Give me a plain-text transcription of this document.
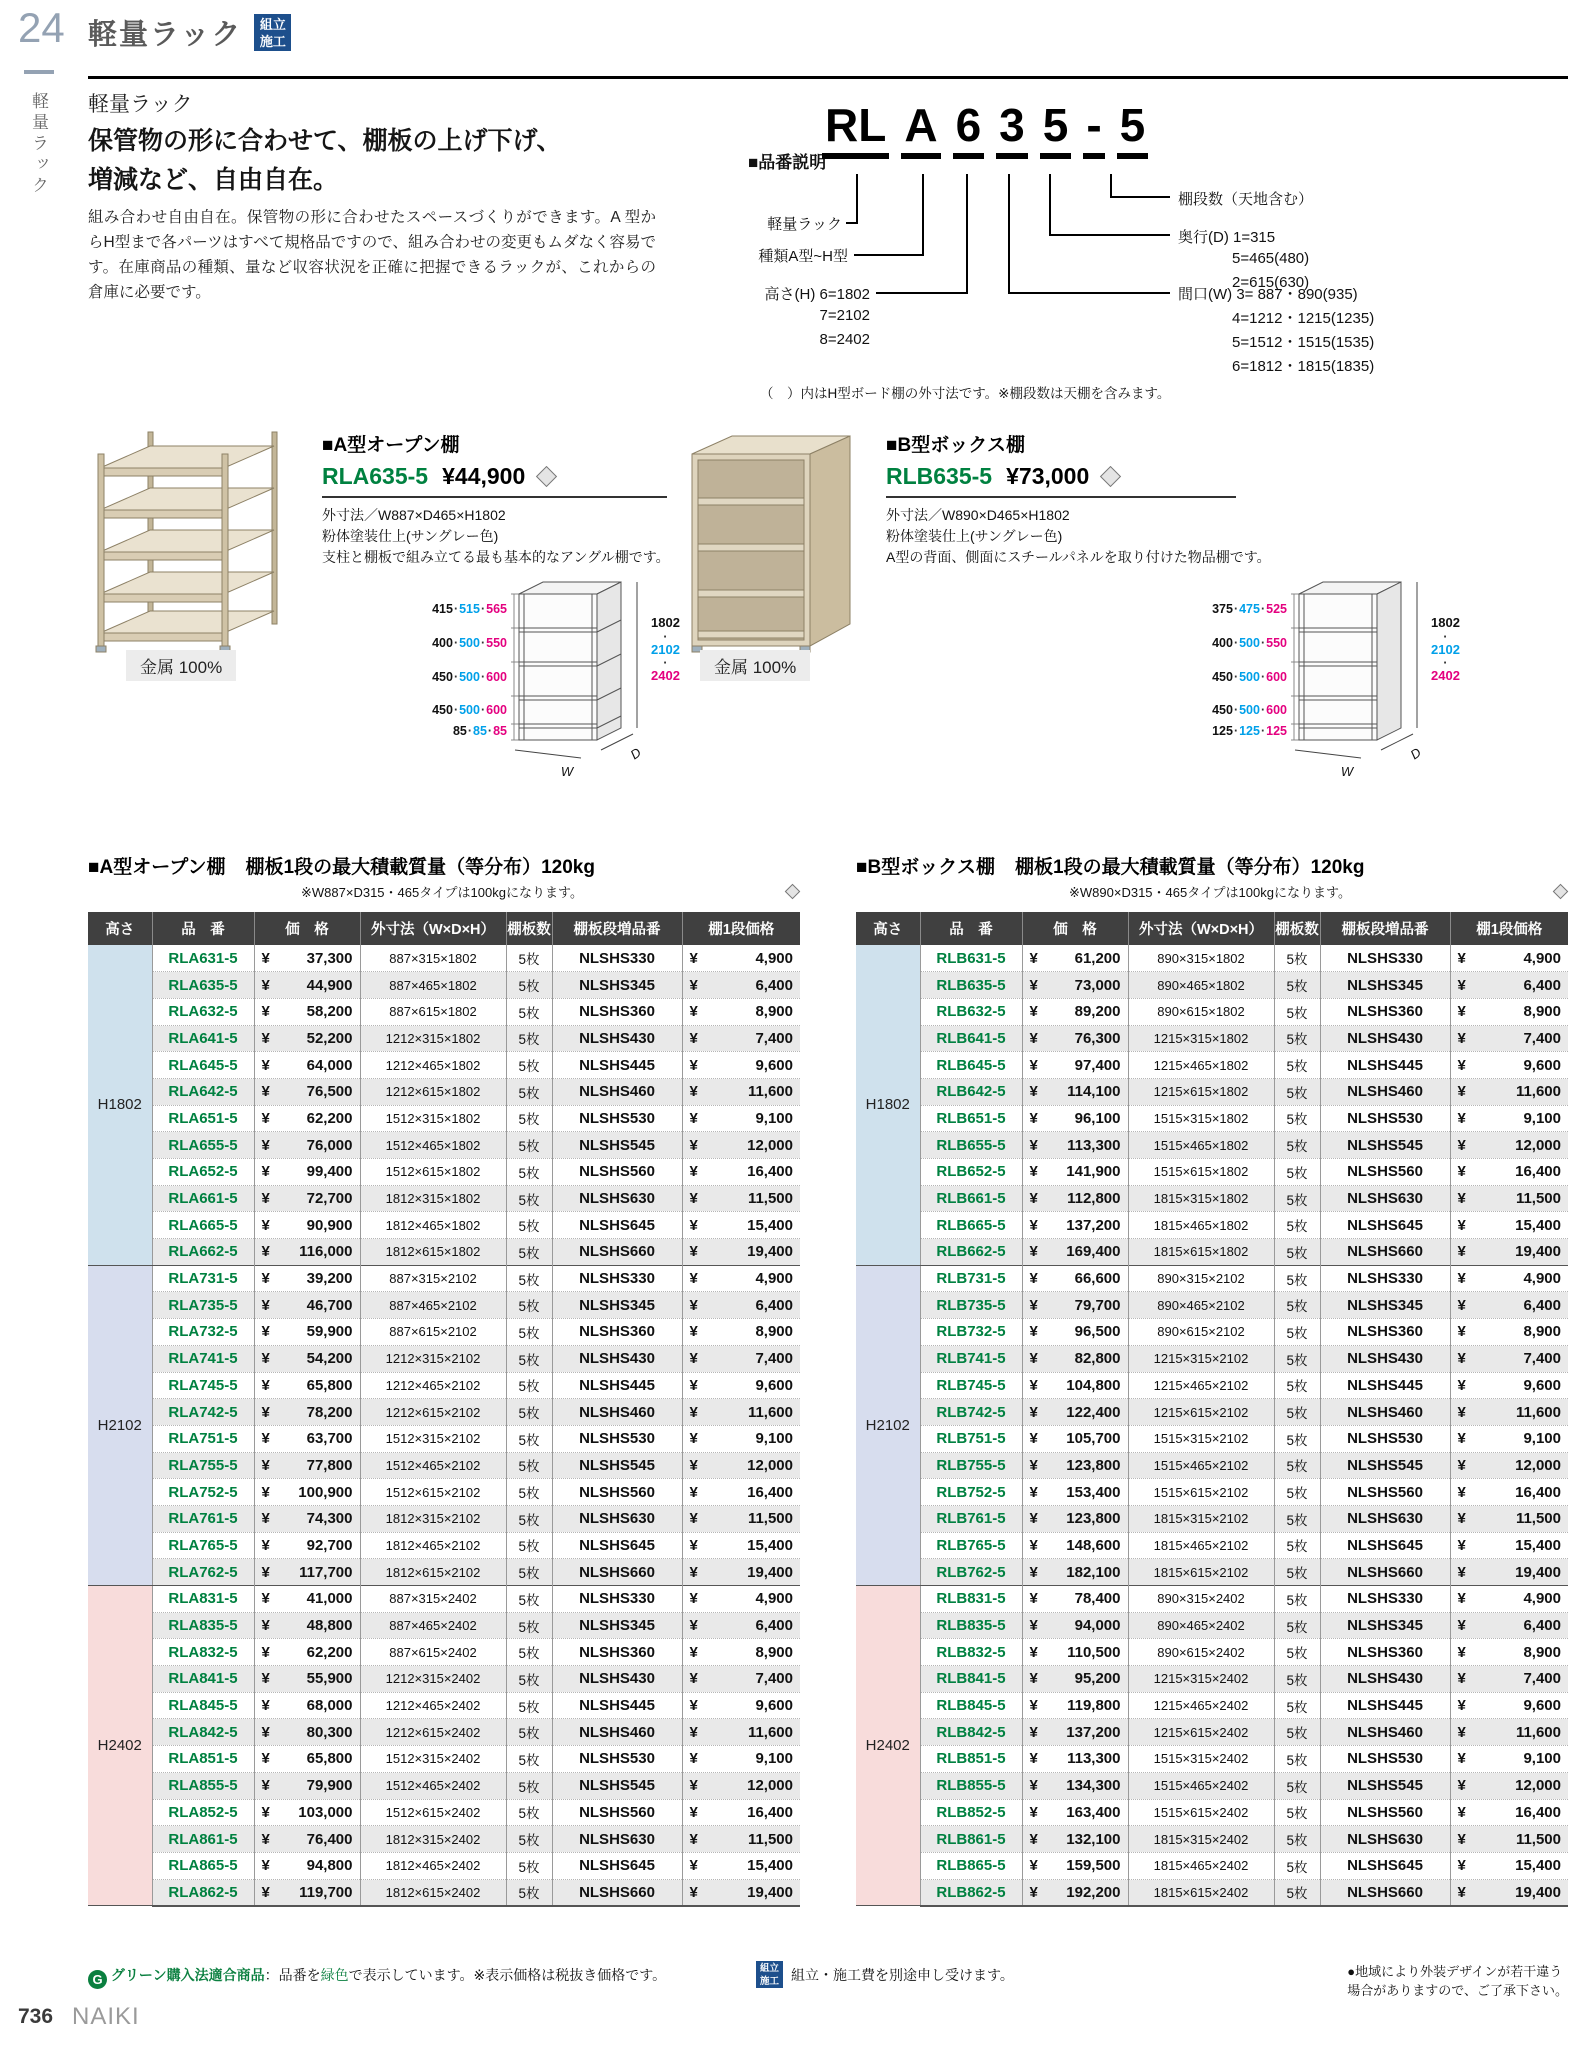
24
軽量ラック
軽量ラック	組立
施工
軽量ラック
保管物の形に合わせて、棚板の上げ下げ、
増減など、自由自在。
組み合わせ自由自在。保管物の形に合わせたスペースづくりができます。A 型からH型まで各パーツはすべて規格品ですので、組み合わせの変更もムダなく容易です。在庫商品の種類、量など収容状況を正確に把握できるラックが、これからの倉庫に必要です。
■品番説明
RL A 6 3 5 - 5
軽量ラック
種類A型~H型
高さ(H) 6=1802
7=2102
8=2402
棚段数（天地含む）
奥行(D) 1=315
5=465(480)
2=615(630)
間口(W) 3= 887・890(935)
4=1212・1215(1235)
5=1512・1515(1535)
6=1812・1815(1835)
（　）内はH型ボード棚の外寸法です。※棚段数は天棚を含みます。
金属 100%
■A型オープン棚
RLA635-5 ¥44,900
外寸法／W887×D465×H1802
粉体塗装仕上(サングレー色)
支柱と棚板で組み立てる最も基本的なアングル棚です。
1802
·
2102
·
2402
W
D
415·515·565
400·500·550
450·500·600
450·500·600
85·85·85
金属 100%
■B型ボックス棚
RLB635-5 ¥73,000
外寸法／W890×D465×H1802
粉体塗装仕上(サングレー色)
A型の背面、側面にスチールパネルを取り付けた物品棚です。
1802
·
2102
·
2402
W
D
375·475·525
400·500·550
450·500·600
450·500·600
125·125·125
■A型オープン棚 棚板1段の最大積載質量（等分布）120kg
※W887×D315・465タイプは100kgになります。
高さ	品　番	価　格	外寸法（W×D×H）	棚板数	棚板段増品番	棚1段価格
H1802	RLA631-5	¥ 37,300	887×315×1802	5枚	NLSHS330	¥ 4,900

	RLA635-5	¥ 44,900	887×465×1802	5枚	NLSHS345	¥ 6,400

	RLA632-5	¥ 58,200	887×615×1802	5枚	NLSHS360	¥ 8,900

	RLA641-5	¥ 52,200	1212×315×1802	5枚	NLSHS430	¥ 7,400

	RLA645-5	¥ 64,000	1212×465×1802	5枚	NLSHS445	¥ 9,600

	RLA642-5	¥ 76,500	1212×615×1802	5枚	NLSHS460	¥ 11,600

	RLA651-5	¥ 62,200	1512×315×1802	5枚	NLSHS530	¥ 9,100

	RLA655-5	¥ 76,000	1512×465×1802	5枚	NLSHS545	¥ 12,000

	RLA652-5	¥ 99,400	1512×615×1802	5枚	NLSHS560	¥ 16,400

	RLA661-5	¥ 72,700	1812×315×1802	5枚	NLSHS630	¥ 11,500

	RLA665-5	¥ 90,900	1812×465×1802	5枚	NLSHS645	¥ 15,400

	RLA662-5	¥ 116,000	1812×615×1802	5枚	NLSHS660	¥ 19,400

H2102	RLA731-5	¥ 39,200	887×315×2102	5枚	NLSHS330	¥ 4,900

	RLA735-5	¥ 46,700	887×465×2102	5枚	NLSHS345	¥ 6,400

	RLA732-5	¥ 59,900	887×615×2102	5枚	NLSHS360	¥ 8,900

	RLA741-5	¥ 54,200	1212×315×2102	5枚	NLSHS430	¥ 7,400

	RLA745-5	¥ 65,800	1212×465×2102	5枚	NLSHS445	¥ 9,600

	RLA742-5	¥ 78,200	1212×615×2102	5枚	NLSHS460	¥ 11,600

	RLA751-5	¥ 63,700	1512×315×2102	5枚	NLSHS530	¥ 9,100

	RLA755-5	¥ 77,800	1512×465×2102	5枚	NLSHS545	¥ 12,000

	RLA752-5	¥ 100,900	1512×615×2102	5枚	NLSHS560	¥ 16,400

	RLA761-5	¥ 74,300	1812×315×2102	5枚	NLSHS630	¥ 11,500

	RLA765-5	¥ 92,700	1812×465×2102	5枚	NLSHS645	¥ 15,400

	RLA762-5	¥ 117,700	1812×615×2102	5枚	NLSHS660	¥ 19,400

H2402	RLA831-5	¥ 41,000	887×315×2402	5枚	NLSHS330	¥ 4,900

	RLA835-5	¥ 48,800	887×465×2402	5枚	NLSHS345	¥ 6,400

	RLA832-5	¥ 62,200	887×615×2402	5枚	NLSHS360	¥ 8,900

	RLA841-5	¥ 55,900	1212×315×2402	5枚	NLSHS430	¥ 7,400

	RLA845-5	¥ 68,000	1212×465×2402	5枚	NLSHS445	¥ 9,600

	RLA842-5	¥ 80,300	1212×615×2402	5枚	NLSHS460	¥ 11,600

	RLA851-5	¥ 65,800	1512×315×2402	5枚	NLSHS530	¥ 9,100

	RLA855-5	¥ 79,900	1512×465×2402	5枚	NLSHS545	¥ 12,000

	RLA852-5	¥ 103,000	1512×615×2402	5枚	NLSHS560	¥ 16,400

	RLA861-5	¥ 76,400	1812×315×2402	5枚	NLSHS630	¥ 11,500

	RLA865-5	¥ 94,800	1812×465×2402	5枚	NLSHS645	¥ 15,400

	RLA862-5	¥ 119,700	1812×615×2402	5枚	NLSHS660	¥ 19,400
■B型ボックス棚 棚板1段の最大積載質量（等分布）120kg
※W890×D315・465タイプは100kgになります。
高さ	品　番	価　格	外寸法（W×D×H）	棚板数	棚板段増品番	棚1段価格
H1802	RLB631-5	¥ 61,200	890×315×1802	5枚	NLSHS330	¥ 4,900

	RLB635-5	¥ 73,000	890×465×1802	5枚	NLSHS345	¥ 6,400

	RLB632-5	¥ 89,200	890×615×1802	5枚	NLSHS360	¥ 8,900

	RLB641-5	¥ 76,300	1215×315×1802	5枚	NLSHS430	¥ 7,400

	RLB645-5	¥ 97,400	1215×465×1802	5枚	NLSHS445	¥ 9,600

	RLB642-5	¥ 114,100	1215×615×1802	5枚	NLSHS460	¥ 11,600

	RLB651-5	¥ 96,100	1515×315×1802	5枚	NLSHS530	¥ 9,100

	RLB655-5	¥ 113,300	1515×465×1802	5枚	NLSHS545	¥ 12,000

	RLB652-5	¥ 141,900	1515×615×1802	5枚	NLSHS560	¥ 16,400

	RLB661-5	¥ 112,800	1815×315×1802	5枚	NLSHS630	¥ 11,500

	RLB665-5	¥ 137,200	1815×465×1802	5枚	NLSHS645	¥ 15,400

	RLB662-5	¥ 169,400	1815×615×1802	5枚	NLSHS660	¥ 19,400

H2102	RLB731-5	¥ 66,600	890×315×2102	5枚	NLSHS330	¥ 4,900

	RLB735-5	¥ 79,700	890×465×2102	5枚	NLSHS345	¥ 6,400

	RLB732-5	¥ 96,500	890×615×2102	5枚	NLSHS360	¥ 8,900

	RLB741-5	¥ 82,800	1215×315×2102	5枚	NLSHS430	¥ 7,400

	RLB745-5	¥ 104,800	1215×465×2102	5枚	NLSHS445	¥ 9,600

	RLB742-5	¥ 122,400	1215×615×2102	5枚	NLSHS460	¥ 11,600

	RLB751-5	¥ 105,700	1515×315×2102	5枚	NLSHS530	¥ 9,100

	RLB755-5	¥ 123,800	1515×465×2102	5枚	NLSHS545	¥ 12,000

	RLB752-5	¥ 153,400	1515×615×2102	5枚	NLSHS560	¥ 16,400

	RLB761-5	¥ 123,800	1815×315×2102	5枚	NLSHS630	¥ 11,500

	RLB765-5	¥ 148,600	1815×465×2102	5枚	NLSHS645	¥ 15,400

	RLB762-5	¥ 182,100	1815×615×2102	5枚	NLSHS660	¥ 19,400

H2402	RLB831-5	¥ 78,400	890×315×2402	5枚	NLSHS330	¥ 4,900

	RLB835-5	¥ 94,000	890×465×2402	5枚	NLSHS345	¥ 6,400

	RLB832-5	¥ 110,500	890×615×2402	5枚	NLSHS360	¥ 8,900

	RLB841-5	¥ 95,200	1215×315×2402	5枚	NLSHS430	¥ 7,400

	RLB845-5	¥ 119,800	1215×465×2402	5枚	NLSHS445	¥ 9,600

	RLB842-5	¥ 137,200	1215×615×2402	5枚	NLSHS460	¥ 11,600

	RLB851-5	¥ 113,300	1515×315×2402	5枚	NLSHS530	¥ 9,100

	RLB855-5	¥ 134,300	1515×465×2402	5枚	NLSHS545	¥ 12,000

	RLB852-5	¥ 163,400	1515×615×2402	5枚	NLSHS560	¥ 16,400

	RLB861-5	¥ 132,100	1815×315×2402	5枚	NLSHS630	¥ 11,500

	RLB865-5	¥ 159,500	1815×465×2402	5枚	NLSHS645	¥ 15,400

	RLB862-5	¥ 192,200	1815×615×2402	5枚	NLSHS660	¥ 19,400
G グリーン購入法適合商品：品番を緑色で表示しています。※表示価格は税抜き価格です。	組立
施工 組立・施工費を別途申し受けます。	●地域により外装デザインが若干違う
場合がありますので、ご了承下さい。
736 NAIKI
